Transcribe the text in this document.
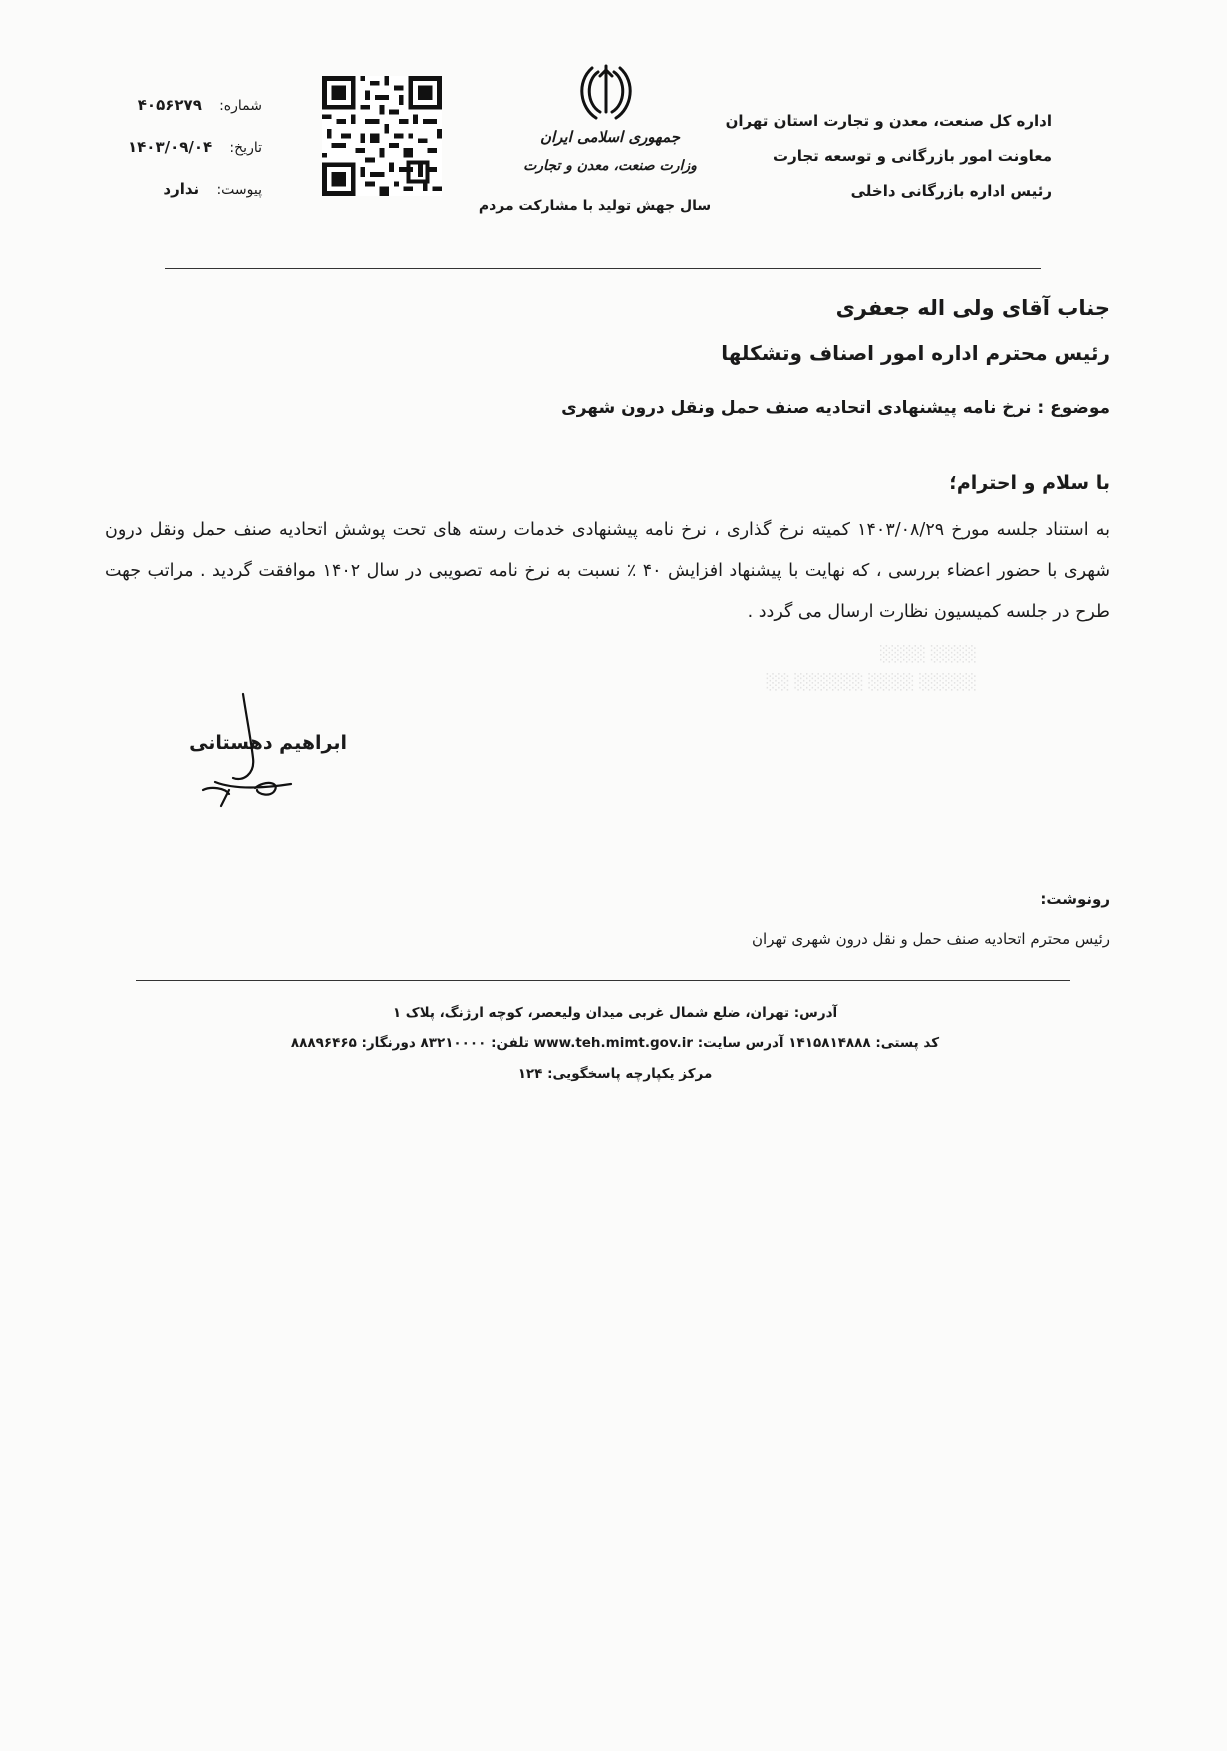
اداره کل صنعت، معدن و تجارت استان تهران
معاونت امور بازرگانی و توسعه تجارت
رئیس اداره بازرگانی داخلی
جمهوری اسلامی ایران
وزارت صنعت، معدن و تجارت
سال جهش تولید با مشارکت مردم
شماره: ۴۰۵۶۲۷۹
تاریخ: ۱۴۰۳/۰۹/۰۴
پیوست: ندارد
جناب آقای ولی اله جعفری
رئیس محترم اداره امور اصناف وتشکلها
موضوع : نرخ نامه پیشنهادی اتحادیه صنف حمل ونقل درون شهری
با سلام و احترام؛
به استناد جلسه مورخ ۱۴۰۳/۰۸/۲۹ کمیته نرخ گذاری ، نرخ نامه پیشنهادی خدمات رسته های تحت پوشش اتحادیه صنف حمل ونقل درون شهری با حضور اعضاء بررسی ، که نهایت با پیشنهاد افزایش ۴۰ ٪ نسبت به نرخ نامه تصویبی در سال ۱۴۰۲ موافقت گردید . مراتب جهت طرح در جلسه کمیسیون نظارت ارسال می گردد .
░░░░ ░░░░
░░░░░ ░░░░ ░░░░░░ ░░
ابراهیم دهستانی
رونوشت:
رئیس محترم اتحادیه صنف حمل و نقل درون شهری تهران
آدرس: تهران، ضلع شمال غربی میدان ولیعصر، کوچه ارژنگ، پلاک ۱
کد پستی: ۱۴۱۵۸۱۴۸۸۸ آدرس سایت: www.teh.mimt.gov.ir تلفن: ۸۳۲۱۰۰۰۰ دورنگار: ۸۸۸۹۶۴۶۵
مرکز یکپارچه پاسخگویی: ۱۲۴
